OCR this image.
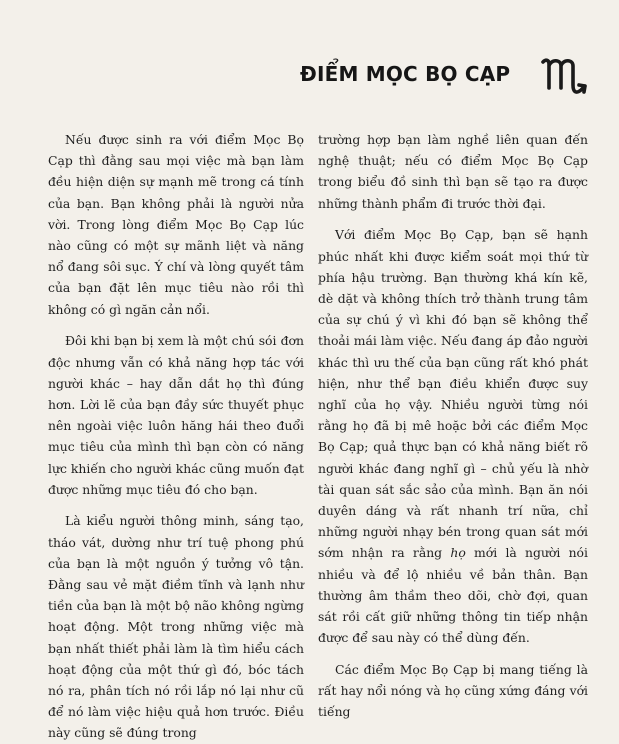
ĐIỂM MỌC BỌ CẠP

Nếu được sinh ra với điểm Mọc Bọ Cạp thì đằng sau mọi việc mà bạn làm đều hiện diện sự mạnh mẽ trong cá tính của bạn. Bạn không phải là người nửa vời. Trong lòng điểm Mọc Bọ Cạp lúc nào cũng có một sự mãnh liệt và năng nổ đang sôi sục. Ý chí và lòng quyết tâm của bạn đặt lên mục tiêu nào rồi thì không có gì ngăn cản nổi.

Đôi khi bạn bị xem là một chú sói đơn độc nhưng vẫn có khả năng hợp tác với người khác – hay dẫn dắt họ thì đúng hơn. Lời lẽ của bạn đầy sức thuyết phục nên ngoài việc luôn hăng hái theo đuổi mục tiêu của mình thì bạn còn có năng lực khiến cho người khác cũng muốn đạt được những mục tiêu đó cho bạn.

Là kiểu người thông minh, sáng tạo, tháo vát, dường như trí tuệ phong phú của bạn là một nguồn ý tưởng vô tận. Đằng sau vẻ mặt điềm tĩnh và lạnh như tiền của bạn là một bộ não không ngừng hoạt động. Một trong những việc mà bạn nhất thiết phải làm là tìm hiểu cách hoạt động của một thứ gì đó, bóc tách nó ra, phân tích nó rồi lắp nó lại như cũ để nó làm việc hiệu quả hơn trước. Điều này cũng sẽ đúng trong

trường hợp bạn làm nghề liên quan đến nghệ thuật; nếu có điểm Mọc Bọ Cạp trong biểu đồ sinh thì bạn sẽ tạo ra được những thành phẩm đi trước thời đại.

Với điểm Mọc Bọ Cạp, bạn sẽ hạnh phúc nhất khi được kiểm soát mọi thứ từ phía hậu trường. Bạn thường khá kín kẽ, dè dặt và không thích trở thành trung tâm của sự chú ý vì khi đó bạn sẽ không thể thoải mái làm việc. Nếu đang áp đảo người khác thì ưu thế của bạn cũng rất khó phát hiện, như thể bạn điều khiển được suy nghĩ của họ vậy. Nhiều người từng nói rằng họ đã bị mê hoặc bởi các điểm Mọc Bọ Cạp; quả thực bạn có khả năng biết rõ người khác đang nghĩ gì – chủ yếu là nhờ tài quan sát sắc sảo của mình. Bạn ăn nói duyên dáng và rất nhanh trí nữa, chỉ những người nhạy bén trong quan sát mới sớm nhận ra rằng họ mới là người nói nhiều và để lộ nhiều về bản thân. Bạn thường âm thầm theo dõi, chờ đợi, quan sát rồi cất giữ những thông tin tiếp nhận được để sau này có thể dùng đến.

Các điểm Mọc Bọ Cạp bị mang tiếng là rất hay nổi nóng và họ cũng xứng đáng với tiếng
